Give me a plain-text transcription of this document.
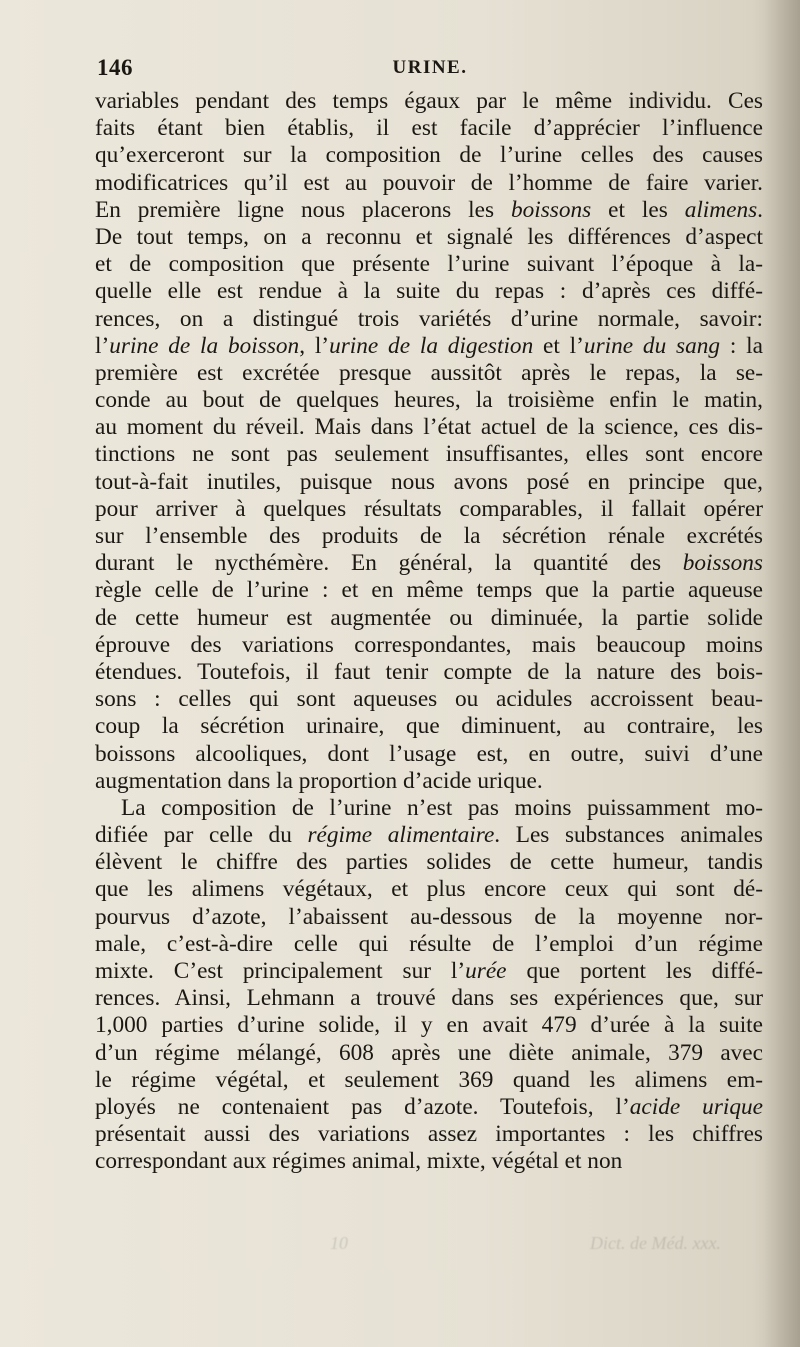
146	URINE.
variables pendant des temps égaux par le même individu. Ces
faits étant bien établis, il est facile d’apprécier l’influence
qu’exerceront sur la composition de l’urine celles des causes
modificatrices qu’il est au pouvoir de l’homme de faire varier.
En première ligne nous placerons les boissons et les alimens.
De tout temps, on a reconnu et signalé les différences d’aspect
et de composition que présente l’urine suivant l’époque à la-
quelle elle est rendue à la suite du repas : d’après ces diffé-
rences, on a distingué trois variétés d’urine normale, savoir:
l’urine de la boisson, l’urine de la digestion et l’urine du sang : la
première est excrétée presque aussitôt après le repas, la se-
conde au bout de quelques heures, la troisième enfin le matin,
au moment du réveil. Mais dans l’état actuel de la science, ces dis-
tinctions ne sont pas seulement insuffisantes, elles sont encore
tout-à-fait inutiles, puisque nous avons posé en principe que,
pour arriver à quelques résultats comparables, il fallait opérer
sur l’ensemble des produits de la sécrétion rénale excrétés
durant le nycthémère. En général, la quantité des boissons
règle celle de l’urine : et en même temps que la partie aqueuse
de cette humeur est augmentée ou diminuée, la partie solide
éprouve des variations correspondantes, mais beaucoup moins
étendues. Toutefois, il faut tenir compte de la nature des bois-
sons : celles qui sont aqueuses ou acidules accroissent beau-
coup la sécrétion urinaire, que diminuent, au contraire, les
boissons alcooliques, dont l’usage est, en outre, suivi d’une
augmentation dans la proportion d’acide urique.
La composition de l’urine n’est pas moins puissamment mo-
difiée par celle du régime alimentaire. Les substances animales
élèvent le chiffre des parties solides de cette humeur, tandis
que les alimens végétaux, et plus encore ceux qui sont dé-
pourvus d’azote, l’abaissent au-dessous de la moyenne nor-
male, c’est-à-dire celle qui résulte de l’emploi d’un régime
mixte. C’est principalement sur l’urée que portent les diffé-
rences. Ainsi, Lehmann a trouvé dans ses expériences que, sur
1,000 parties d’urine solide, il y en avait 479 d’urée à la suite
d’un régime mélangé, 608 après une diète animale, 379 avec
le régime végétal, et seulement 369 quand les alimens em-
ployés ne contenaient pas d’azote. Toutefois, l’acide urique
présentait aussi des variations assez importantes : les chiffres
correspondant aux régimes animal, mixte, végétal et non
10	Dict. de Méd. xxx.
